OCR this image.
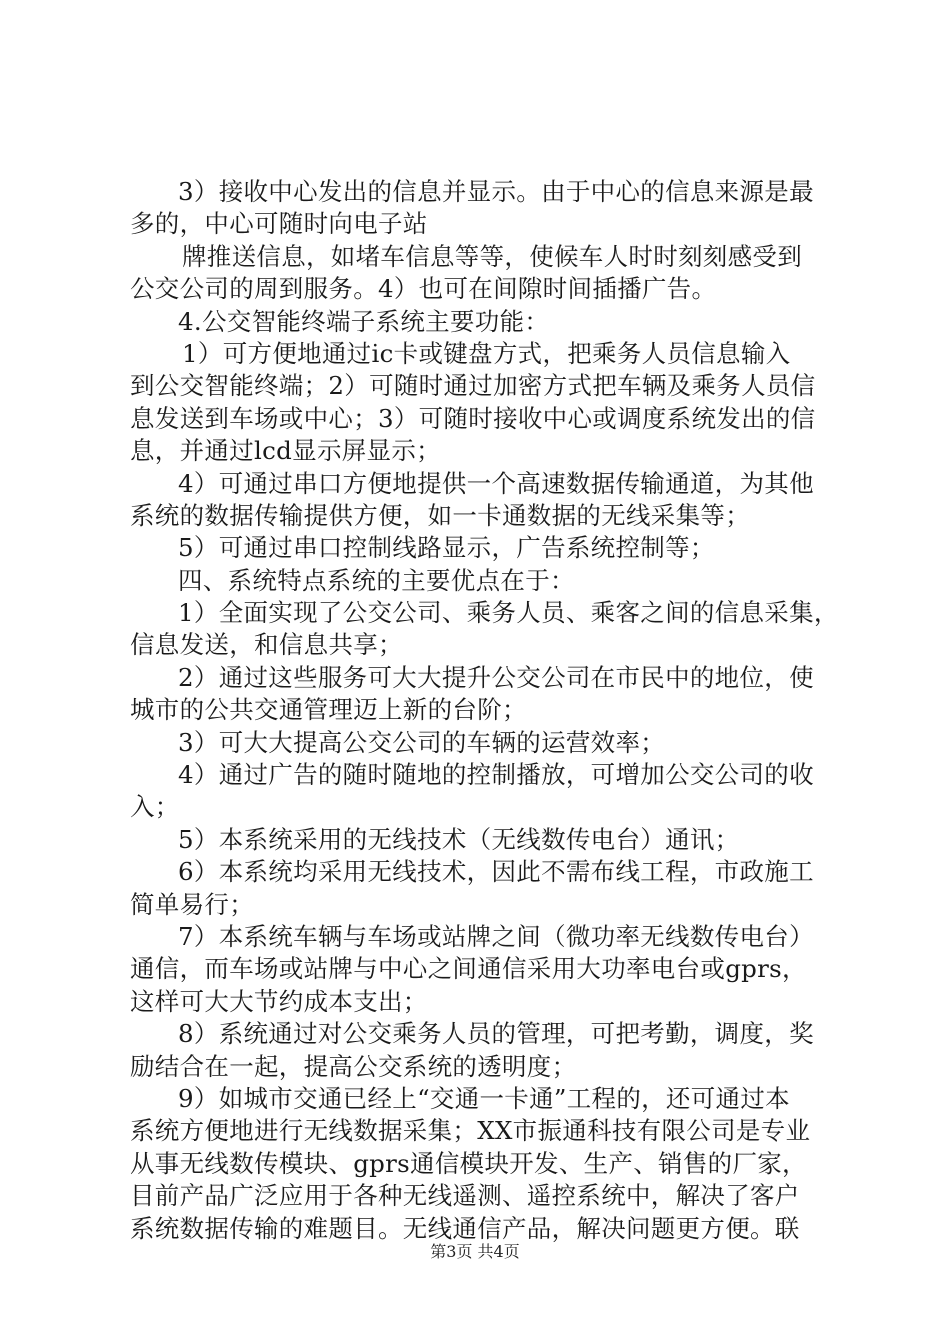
3）接收中心发出的信息并显示。由于中心的信息来源是最
多的，中心可随时向电子站
牌推送信息，如堵车信息等等，使候车人时时刻刻感受到
公交公司的周到服务。4）也可在间隙时间插播广告。
4.公交智能终端子系统主要功能：
1）可方便地通过ic卡或键盘方式，把乘务人员信息输入
到公交智能终端；2）可随时通过加密方式把车辆及乘务人员信
息发送到车场或中心；3）可随时接收中心或调度系统发出的信
息，并通过lcd显示屏显示；
4）可通过串口方便地提供一个高速数据传输通道，为其他
系统的数据传输提供方便，如一卡通数据的无线采集等；
5）可通过串口控制线路显示，广告系统控制等；
四、系统特点系统的主要优点在于：
1）全面实现了公交公司、乘务人员、乘客之间的信息采集，
信息发送，和信息共享；
2）通过这些服务可大大提升公交公司在市民中的地位，使
城市的公共交通管理迈上新的台阶；
3）可大大提高公交公司的车辆的运营效率；
4）通过广告的随时随地的控制播放，可增加公交公司的收
入；
5）本系统采用的无线技术（无线数传电台）通讯；
6）本系统均采用无线技术，因此不需布线工程，市政施工
简单易行；
7）本系统车辆与车场或站牌之间（微功率无线数传电台）
通信，而车场或站牌与中心之间通信采用大功率电台或gprs，
这样可大大节约成本支出；
8）系统通过对公交乘务人员的管理，可把考勤，调度，奖
励结合在一起，提高公交系统的透明度；
9）如城市交通已经上“交通一卡通”工程的，还可通过本
系统方便地进行无线数据采集；XX市振通科技有限公司是专业
从事无线数传模块、gprs通信模块开发、生产、销售的厂家，
目前产品广泛应用于各种无线遥测、遥控系统中，解决了客户
系统数据传输的难题目。无线通信产品，解决问题更方便。联
第3页 共4页
